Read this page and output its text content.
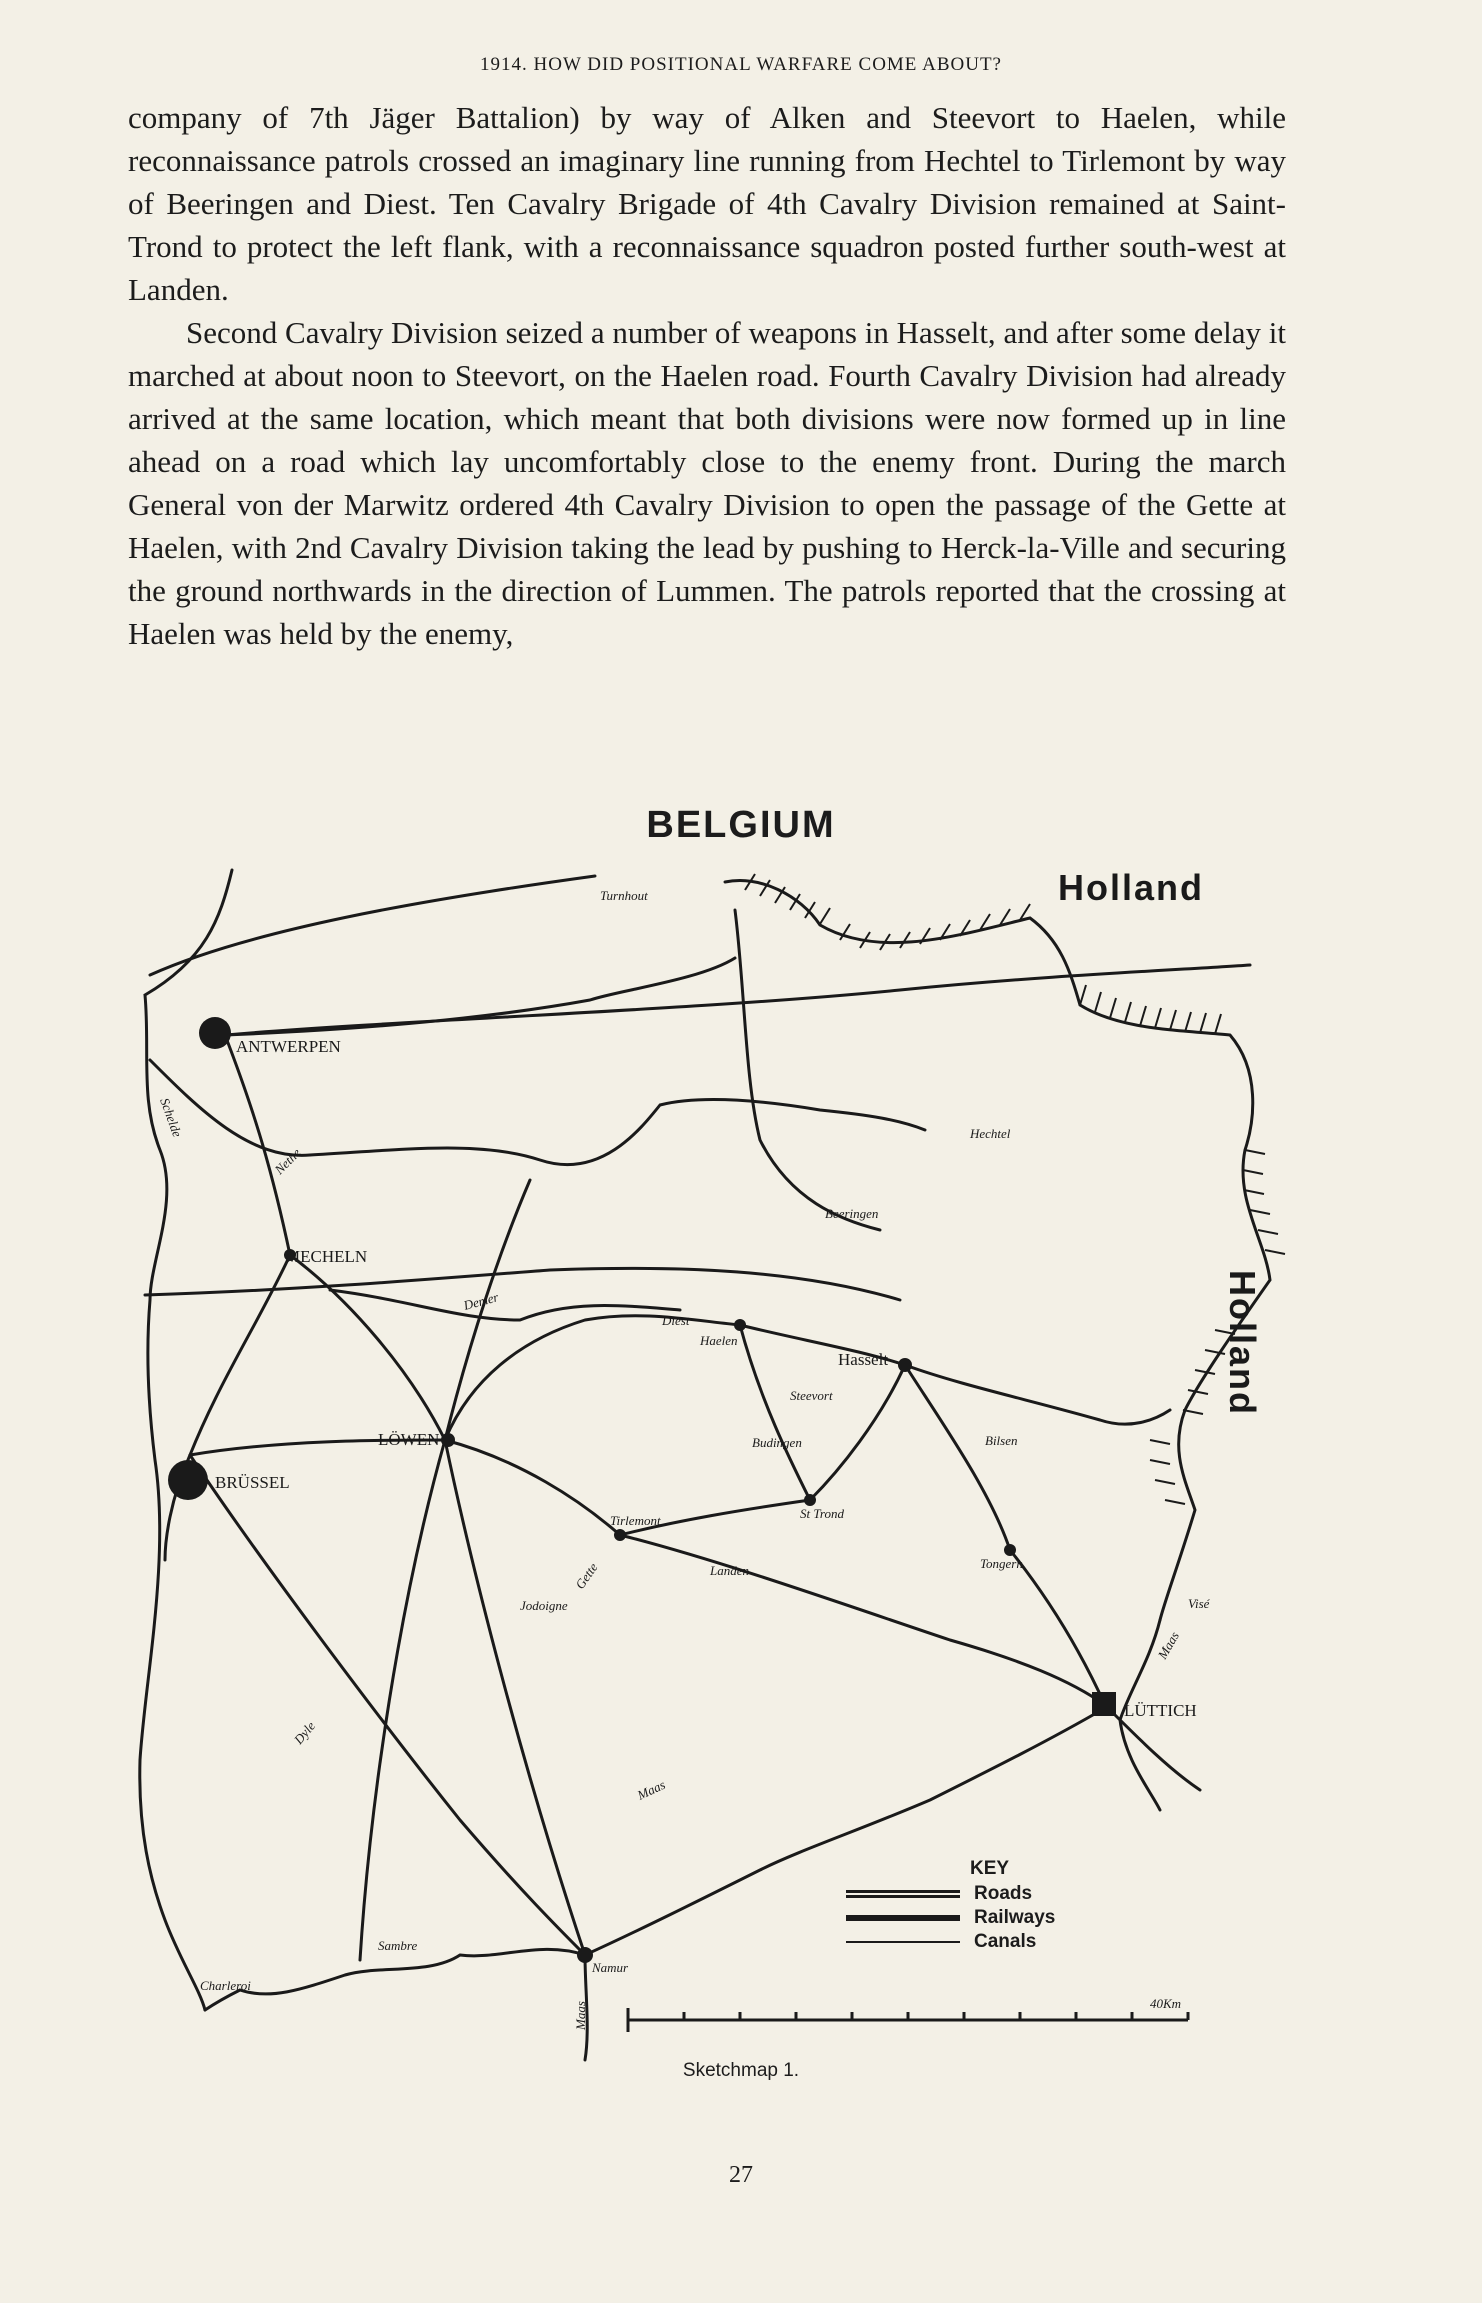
1914. HOW DID POSITIONAL WARFARE COME ABOUT?

company of 7th Jäger Battalion) by way of Alken and Steevort to Haelen, while reconnaissance patrols crossed an imaginary line running from Hechtel to Tirlemont by way of Beeringen and Diest. Ten Cavalry Brigade of 4th Cavalry Division remained at Saint-Trond to protect the left flank, with a reconnaissance squadron posted further south-west at Landen.

Second Cavalry Division seized a number of weapons in Hasselt, and after some delay it marched at about noon to Steevort, on the Haelen road. Fourth Cavalry Division had already arrived at the same location, which meant that both divisions were now formed up in line ahead on a road which lay uncomfortably close to the enemy front. During the march General von der Marwitz ordered 4th Cavalry Division to open the passage of the Gette at Haelen, with 2nd Cavalry Division taking the lead by pushing to Herck-la-Ville and securing the ground northwards in the direction of Lummen. The patrols reported that the crossing at Haelen was held by the enemy,

BELGIUM
ANTWERPEN
MECHELN
BRÜSSEL
LÖWEN
Turnhout
Hechtel
Beeringen
Diest
Haelen
Hasselt
St Trond
Tongern
LÜTTICH
Namur
Charleroi
Tirlemont
Landen
Jodoigne
Bilsen
Steevort
Budingen
Visé
Schelde
Maas
Maas
Sambre
Gette
Demer
Dyle
Nethe
Maas
Holland
Holland
40Km
KEY
Roads
Railways
Canals
Sketchmap 1.
27
